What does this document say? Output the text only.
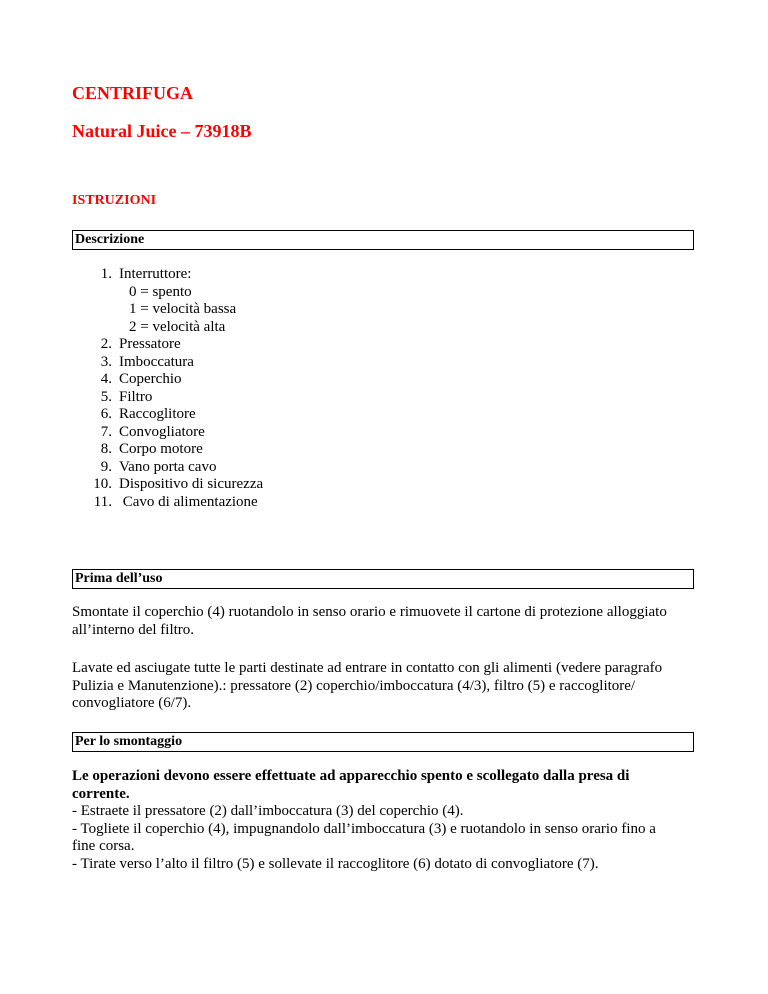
CENTRIFUGA
Natural Juice – 73918B
ISTRUZIONI
Descrizione
1. Interruttore:
0 = spento
1 = velocità bassa
2 = velocità alta
2. Pressatore
3. Imboccatura
4. Coperchio
5. Filtro
6. Raccoglitore
7. Convogliatore
8. Corpo motore
9. Vano porta cavo
10. Dispositivo di sicurezza
11. Cavo di alimentazione
Prima dell’uso

Smontate il coperchio (4) ruotandolo in senso orario e rimuovete il cartone di protezione alloggiato
all’interno del filtro.

Lavate ed asciugate tutte le parti destinate ad entrare in contatto con gli alimenti (vedere paragrafo
Pulizia e Manutenzione).: pressatore (2) coperchio/imboccatura (4/3), filtro (5) e raccoglitore/
convogliatore (6/7).

Per lo smontaggio

Le operazioni devono essere effettuate ad apparecchio spento e scollegato dalla presa di
corrente.
- Estraete il pressatore (2) dall’imboccatura (3) del coperchio (4).
- Togliete il coperchio (4), impugnandolo dall’imboccatura (3) e ruotandolo in senso orario fino a
fine corsa.
- Tirate verso l’alto il filtro (5) e sollevate il raccoglitore (6) dotato di convogliatore (7).
